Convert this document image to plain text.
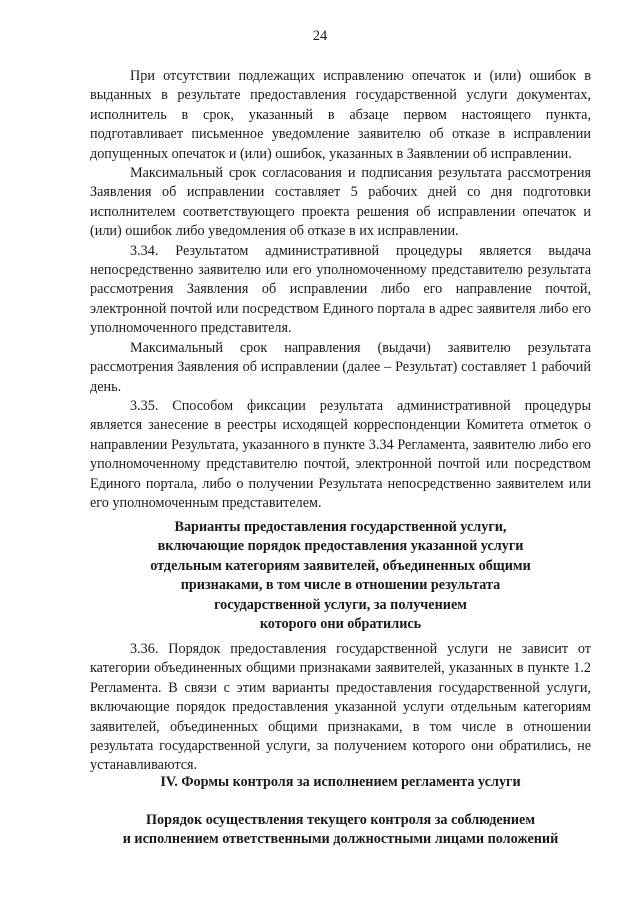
24

При отсутствии подлежащих исправлению опечаток и (или) ошибок в выданных в результате предоставления государственной услуги документах, исполнитель в срок, указанный в абзаце первом настоящего пункта, подготавливает письменное уведомление заявителю об отказе в исправлении допущенных опечаток и (или) ошибок, указанных в Заявлении об исправлении.

Максимальный срок согласования и подписания результата рассмотрения Заявления об исправлении составляет 5 рабочих дней со дня подготовки исполнителем соответствующего проекта решения об исправлении опечаток и (или) ошибок либо уведомления об отказе в их исправлении.

3.34. Результатом административной процедуры является выдача непосредственно заявителю или его уполномоченному представителю результата рассмотрения Заявления об исправлении либо его направление почтой, электронной почтой или посредством Единого портала в адрес заявителя либо его уполномоченного представителя.

Максимальный срок направления (выдачи) заявителю результата рассмотрения Заявления об исправлении (далее – Результат) составляет 1 рабочий день.

3.35. Способом фиксации результата административной процедуры является занесение в реестры исходящей корреспонденции Комитета отметок о направлении Результата, указанного в пункте 3.34 Регламента, заявителю либо его уполномоченному представителю почтой, электронной почтой или посредством Единого портала, либо о получении Результата непосредственно заявителем или его уполномоченным представителем.

Варианты предоставления государственной услуги,
включающие порядок предоставления указанной услуги
отдельным категориям заявителей, объединенных общими
признаками, в том числе в отношении результата
государственной услуги, за получением
которого они обратились

3.36. Порядок предоставления государственной услуги не зависит от категории объединенных общими признаками заявителей, указанных в пункте 1.2 Регламента. В связи с этим варианты предоставления государственной услуги, включающие порядок предоставления указанной услуги отдельным категориям заявителей, объединенных общими признаками, в том числе в отношении результата государственной услуги, за получением которого они обратились, не устанавливаются.

IV. Формы контроля за исполнением регламента услуги
Порядок осуществления текущего контроля за соблюдением
и исполнением ответственными должностными лицами положений
